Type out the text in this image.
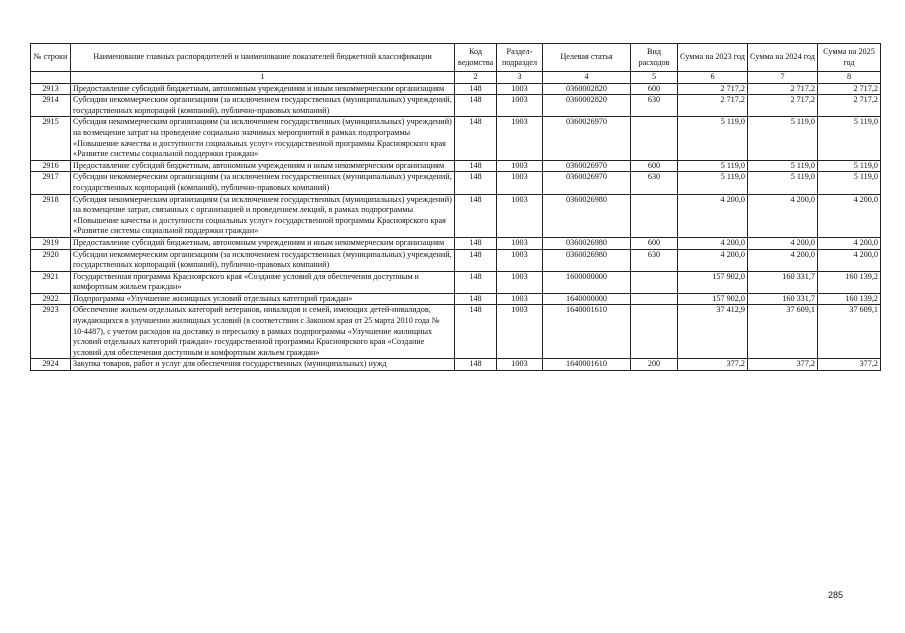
№ строки	Наименование главных распорядителей и наименование показателей бюджетной классификации	Код ведомства	Раздел-подраздел	Целевая статья	Вид расходов	Сумма на 2023 год	Сумма на 2024 год	Сумма на 2025 год
	1	2	3	4	5	6	7	8
2913	Предоставление субсидий бюджетным, автономным учреждениям и иным некоммерческим организациям	148	1003	0360002820	600	2 717,2	2 717,2	2 717,2
2914	Субсидии некоммерческим организациям (за исключением государственных (муниципальных) учреждений, государственных корпораций (компаний), публично-правовых компаний)	148	1003	0360002820	630	2 717,2	2 717,2	2 717,2
2915	Субсидия некоммерческим организациям (за исключением государственных (муниципальных) учреждений) на возмещение затрат на проведение социально значимых мероприятий в рамках подпрограммы «Повышение качества и доступности социальных услуг» государственной программы Красноярского края «Развитие системы социальной поддержки граждан»	148	1003	0360026970		5 119,0	5 119,0	5 119,0
2916	Предоставление субсидий бюджетным, автономным учреждениям и иным некоммерческим организациям	148	1003	0360026970	600	5 119,0	5 119,0	5 119,0
2917	Субсидии некоммерческим организациям (за исключением государственных (муниципальных) учреждений, государственных корпораций (компаний), публично-правовых компаний)	148	1003	0360026970	630	5 119,0	5 119,0	5 119,0
2918	Субсидия некоммерческим организациям (за исключением государственных (муниципальных) учреждений) на возмещение затрат, связанных с организацией и проведением лекций, в рамках подпрограммы «Повышение качества и доступности социальных услуг» государственной программы Красноярского края «Развитие системы социальной поддержки граждан»	148	1003	0360026980		4 200,0	4 200,0	4 200,0
2919	Предоставление субсидий бюджетным, автономным учреждениям и иным некоммерческим организациям	148	1003	0360026980	600	4 200,0	4 200,0	4 200,0
2920	Субсидии некоммерческим организациям (за исключением государственных (муниципальных) учреждений, государственных корпораций (компаний), публично-правовых компаний)	148	1003	0360026980	630	4 200,0	4 200,0	4 200,0
2921	Государственная программа Красноярского края «Создание условий для обеспечения доступным и комфортным жильем граждан»	148	1003	1600000000		157 902,0	160 331,7	160 139,2
2922	Подпрограмма «Улучшение жилищных условий отдельных категорий граждан»	148	1003	1640000000		157 902,0	160 331,7	160 139,2
2923	Обеспечение жильем отдельных категорий ветеранов, инвалидов и семей, имеющих детей-инвалидов, нуждающихся в улучшении жилищных условий (в соответствии с Законом края от 25 марта 2010 года № 10-4487), с учетом расходов на доставку и пересылку в рамках подпрограммы «Улучшение жилищных условий отдельных категорий граждан» государственной программы Красноярского края «Создание условий для обеспечения доступным и комфортным жильем граждан»	148	1003	1640001610		37 412,9	37 609,1	37 609,1
2924	Закупка товаров, работ и услуг для обеспечения государственных (муниципальных) нужд	148	1003	1640001610	200	377,2	377,2	377,2
285
